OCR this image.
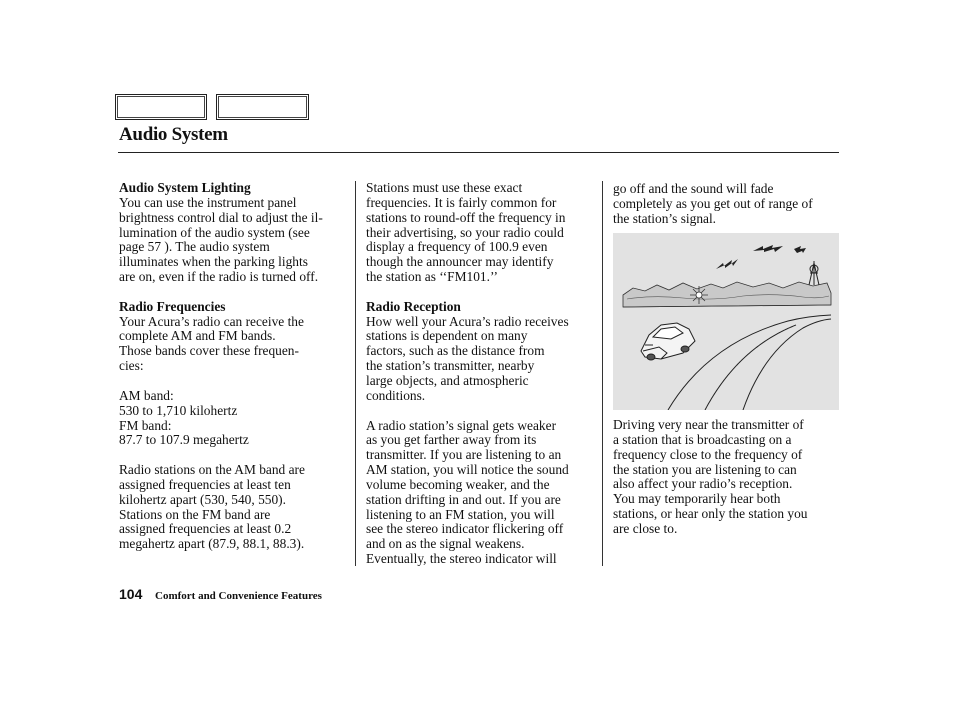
Audio System
Audio System Lighting

You can use the instrument panel
brightness control dial to adjust the il-
lumination of the audio system (see
page 57 ). The audio system
illuminates when the parking lights
are on, even if the radio is turned off.

Radio Frequencies

Your Acura’s radio can receive the
complete AM and FM bands.
Those bands cover these frequen-
cies:

AM band:
530 to 1,710 kilohertz
FM band:
87.7 to 107.9 megahertz

Radio stations on the AM band are
assigned frequencies at least ten
kilohertz apart (530, 540, 550).
Stations on the FM band are
assigned frequencies at least 0.2
megahertz apart (87.9, 88.1, 88.3).

Stations must use these exact
frequencies. It is fairly common for
stations to round-off the frequency in
their advertising, so your radio could
display a frequency of 100.9 even
though the announcer may identify
the station as ‘‘FM101.’’

Radio Reception

How well your Acura’s radio receives
stations is dependent on many
factors, such as the distance from
the station’s transmitter, nearby
large objects, and atmospheric
conditions.

A radio station’s signal gets weaker
as you get farther away from its
transmitter. If you are listening to an
AM station, you will notice the sound
volume becoming weaker, and the
station drifting in and out. If you are
listening to an FM station, you will
see the stereo indicator flickering off
and on as the signal weakens.
Eventually, the stereo indicator will

go off and the sound will fade
completely as you get out of range of
the station’s signal.

Driving very near the transmitter of
a station that is broadcasting on a
frequency close to the frequency of
the station you are listening to can
also affect your radio’s reception.
You may temporarily hear both
stations, or hear only the station you
are close to.

104 Comfort and Convenience Features
